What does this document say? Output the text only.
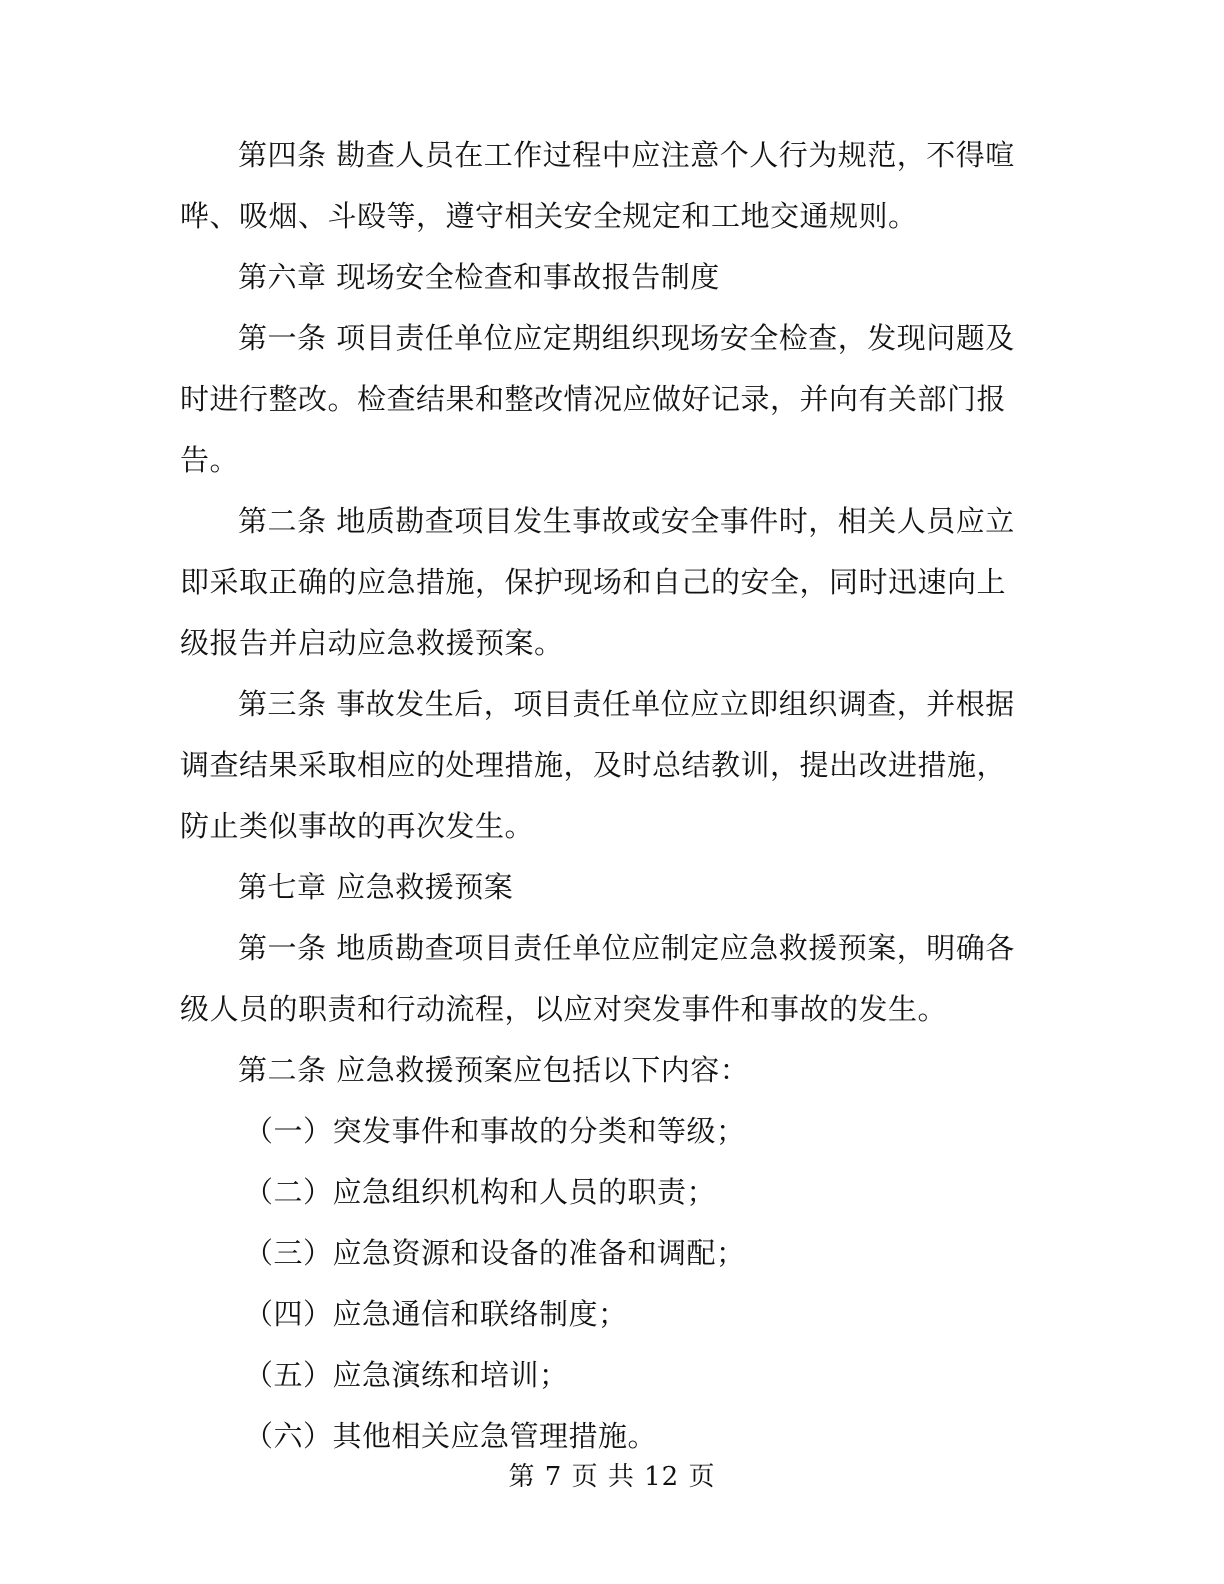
第四条 勘查人员在工作过程中应注意个人行为规范，不得喧哗、吸烟、斗殴等，遵守相关安全规定和工地交通规则。

第六章 现场安全检查和事故报告制度

第一条 项目责任单位应定期组织现场安全检查，发现问题及时进行整改。检查结果和整改情况应做好记录，并向有关部门报告。

第二条 地质勘查项目发生事故或安全事件时，相关人员应立即采取正确的应急措施，保护现场和自己的安全，同时迅速向上级报告并启动应急救援预案。

第三条 事故发生后，项目责任单位应立即组织调查，并根据调查结果采取相应的处理措施，及时总结教训，提出改进措施，防止类似事故的再次发生。

第七章 应急救援预案

第一条 地质勘查项目责任单位应制定应急救援预案，明确各级人员的职责和行动流程，以应对突发事件和事故的发生。

第二条 应急救援预案应包括以下内容：

（一）突发事件和事故的分类和等级；

（二）应急组织机构和人员的职责；

（三）应急资源和设备的准备和调配；

（四）应急通信和联络制度；

（五）应急演练和培训；

（六）其他相关应急管理措施。

第 7 页 共 12 页
